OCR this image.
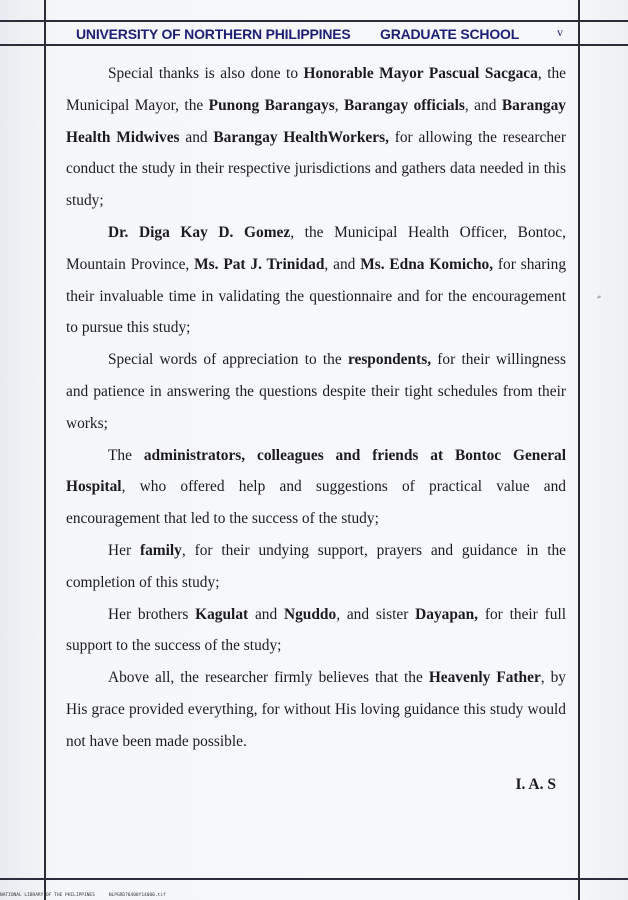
UNIVERSITY OF NORTHERN PHILIPPINES GRADUATE SCHOOL	v

Special thanks is also done to Honorable Mayor Pascual Sacgaca, the Municipal Mayor, the Punong Barangays, Barangay officials, and Barangay Health Midwives and Barangay HealthWorkers, for allowing the researcher conduct the study in their respective jurisdictions and gathers data needed in this study;

Dr. Diga Kay D. Gomez, the Municipal Health Officer, Bontoc, Mountain Province, Ms. Pat J. Trinidad, and Ms. Edna Komicho, for sharing their invaluable time in validating the questionnaire and for the encouragement to pursue this study;

Special words of appreciation to the respondents, for their willingness and patience in answering the questions despite their tight schedules from their works;

The administrators, colleagues and friends at Bontoc General Hospital, who offered help and suggestions of practical value and encouragement that led to the success of the study;

Her family, for their undying support, prayers and guidance in the completion of this study;

Her brothers Kagulat and Nguddo, and sister Dayapan, for their full support to the success of the study;

Above all, the researcher firmly believes that the Heavenly Father, by His grace provided everything, for without His loving guidance this study would not have been made possible.

I. A. S
NATIONAL LIBRARY OF THE PHILIPPINES	NLPGRD78400Y14000.tif
